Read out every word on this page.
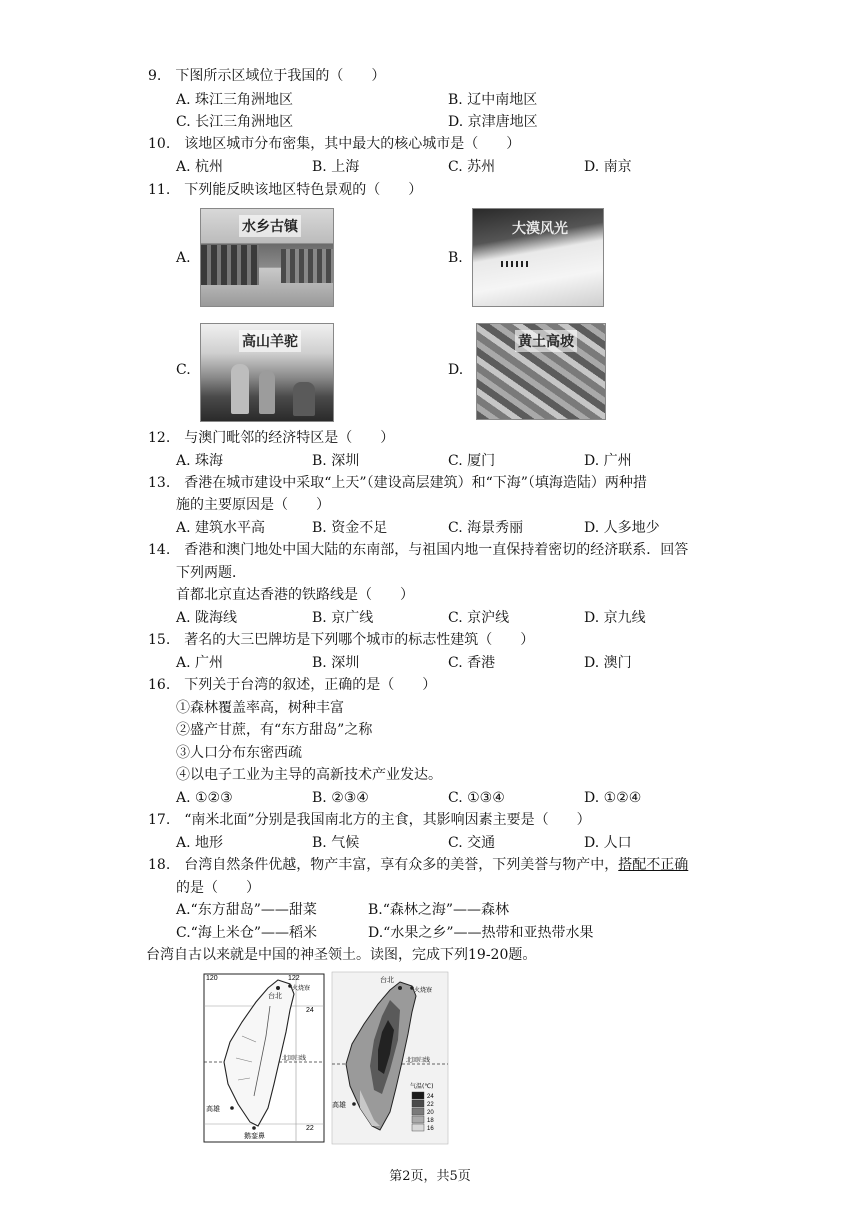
9.　下图所示区域位于我国的（　　）
A. 珠江三角洲地区	B. 辽中南地区
C. 长江三角洲地区	D. 京津唐地区
10.　该地区城市分布密集，其中最大的核心城市是（　　）
A. 杭州	B. 上海	C. 苏州	D. 南京
11.　下列能反映该地区特色景观的（　　）
A.
水乡古镇
B.
大漠风光
C.
高山羊驼
D.
黄土高坡
12.　与澳门毗邻的经济特区是（　　）
A. 珠海	B. 深圳	C. 厦门	D. 广州
13.　香港在城市建设中采取“上天”（建设高层建筑）和“下海”（填海造陆）两种措
施的主要原因是（　　）
A. 建筑水平高	B. 资金不足	C. 海景秀丽	D. 人多地少
14.　香港和澳门地处中国大陆的东南部，与祖国内地一直保持着密切的经济联系．回答
下列两题．
首都北京直达香港的铁路线是（　　）
A. 陇海线	B. 京广线	C. 京沪线	D. 京九线
15.　著名的大三巴牌坊是下列哪个城市的标志性建筑（　　）
A. 广州	B. 深圳	C. 香港	D. 澳门
16.　下列关于台湾的叙述，正确的是（　　）
①森林覆盖率高，树种丰富
②盛产甘蔗，有“东方甜岛”之称
③人口分布东密西疏
④以电子工业为主导的高新技术产业发达。
A. ①②③	B. ②③④	C. ①③④	D. ①②④
17.　“南米北面”分别是我国南北方的主食，其影响因素主要是（　　）
A. 地形	B. 气候	C. 交通	D. 人口
18.　台湾自然条件优越，物产丰富，享有众多的美誉，下列美誉与物产中，搭配不正确
的是（　　）
A.“东方甜岛”——甜菜	B.“森林之海”——森林
C.“海上米仓”——稻米	D.“水果之乡”——热带和亚热带水果
台湾自古以来就是中国的神圣领土。读图，完成下列19-20题。
120	122
24
22
台北
火烧寮
北回归线
高雄
鹅銮鼻
台北
火烧寮
北回归线
高雄
气温(℃)
24
22
20
18
16
第2页，共5页
